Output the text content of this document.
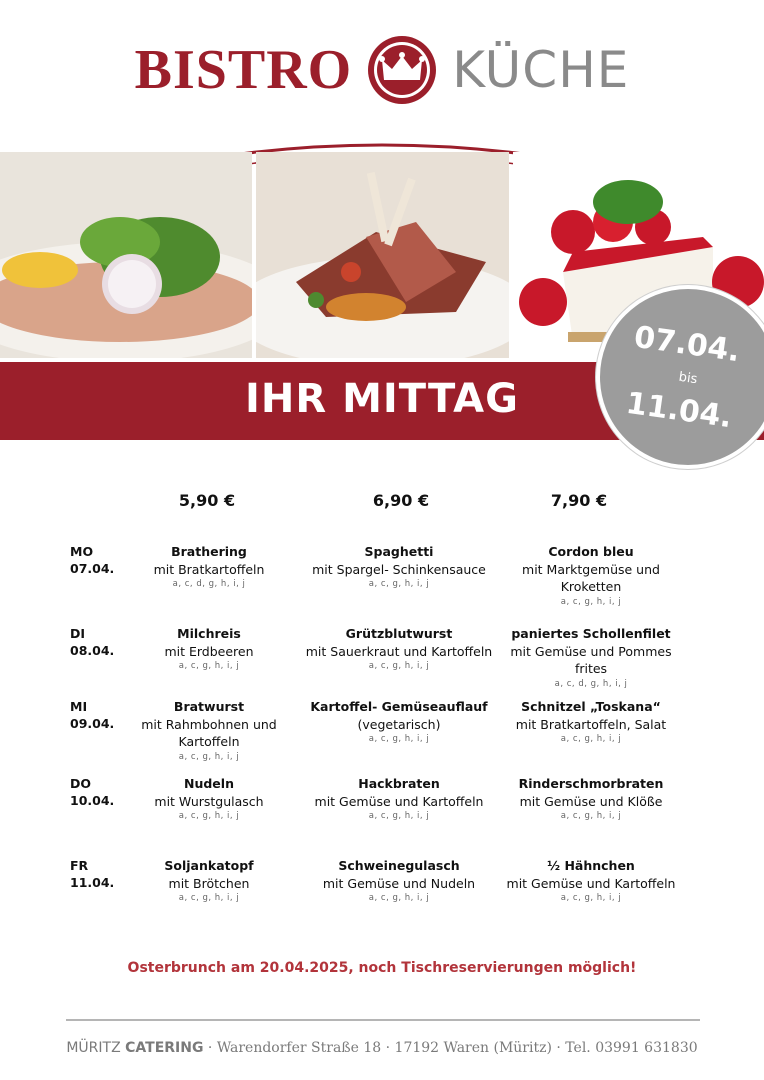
BISTRO KÜCHE
IHR MITTAG
07.04.
bis
11.04.
5,90 €	6,90 €	7,90 €
MO
07.04.
Brathering
mit Bratkartoffeln
a, c, d, g, h, i, j
Spaghetti
mit Spargel- Schinkensauce
a, c, g, h, i, j
Cordon bleu
mit Marktgemüse und Kroketten
a, c, g, h, i, j
DI
08.04.
Milchreis
mit Erdbeeren
a, c, g, h, i, j
Grützblutwurst
mit Sauerkraut und Kartoffeln
a, c, g, h, i, j
paniertes Schollenfilet
mit Gemüse und Pommes frites
a, c, d, g, h, i, j
MI
09.04.
Bratwurst
mit Rahmbohnen und Kartoffeln
a, c, g, h, i, j
Kartoffel- Gemüseauflauf
(vegetarisch)
a, c, g, h, i, j
Schnitzel „Toskana“
mit Bratkartoffeln, Salat
a, c, g, h, i, j
DO
10.04.
Nudeln
mit Wurstgulasch
a, c, g, h, i, j
Hackbraten
mit Gemüse und Kartoffeln
a, c, g, h, i, j
Rinderschmorbraten
mit Gemüse und Klöße
a, c, g, h, i, j
FR
11.04.
Soljankatopf
mit Brötchen
a, c, g, h, i, j
Schweinegulasch
mit Gemüse und Nudeln
a, c, g, h, i, j
½ Hähnchen
mit Gemüse und Kartoffeln
a, c, g, h, i, j
Osterbrunch am 20.04.2025, noch Tischreservierungen möglich!
MÜRITZ CATERING · Warendorfer Straße 18 · 17192 Waren (Müritz) · Tel. 03991 631830
